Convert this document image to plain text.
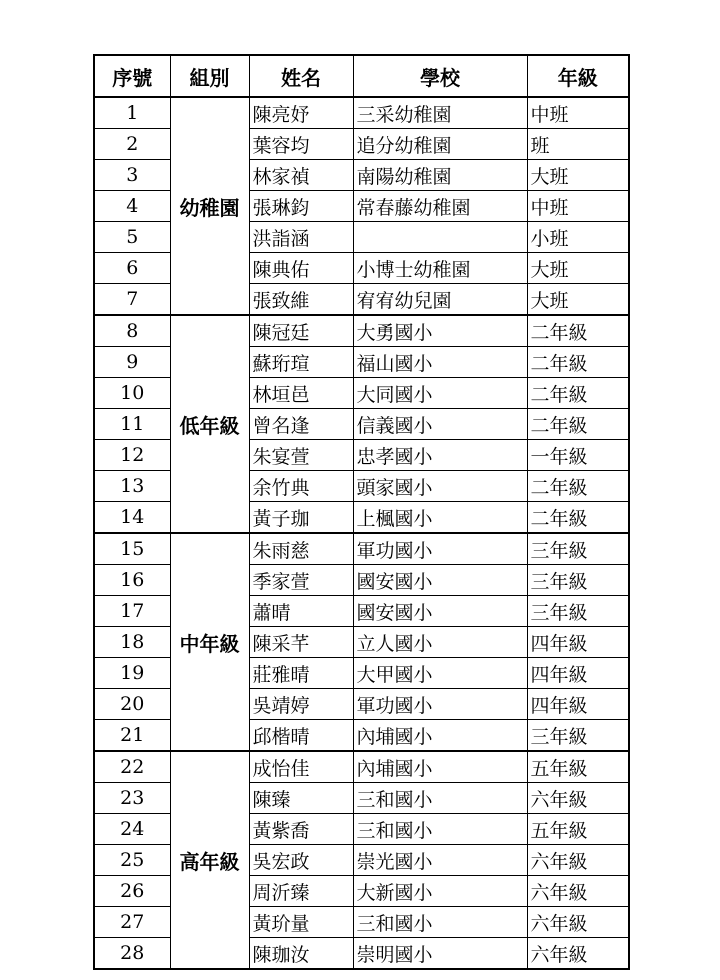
序號	組別	姓名	學校	年級
1	幼稚園	陳亮妤	三采幼稚園	中班
2		葉容均	追分幼稚園	班
3		林家禎	南陽幼稚園	大班
4		張琳鈞	常春藤幼稚園	中班
5		洪詣涵		小班
6		陳典佑	小博士幼稚園	大班
7		張致維	宥宥幼兒園	大班
8	低年級	陳冠廷	大勇國小	二年級
9		蘇珩瑄	福山國小	二年級
10		林垣邑	大同國小	二年級
11		曾名逢	信義國小	二年級
12		朱宴萱	忠孝國小	一年級
13		余竹典	頭家國小	二年級
14		黃子珈	上楓國小	二年級
15	中年級	朱雨慈	軍功國小	三年級
16		季家萱	國安國小	三年級
17		蕭晴	國安國小	三年級
18		陳采芊	立人國小	四年級
19		莊雅晴	大甲國小	四年級
20		吳靖婷	軍功國小	四年級
21		邱楷晴	內埔國小	三年級
22	高年級	成怡佳	內埔國小	五年級
23		陳臻	三和國小	六年級
24		黃紫喬	三和國小	五年級
25		吳宏政	崇光國小	六年級
26		周沂臻	大新國小	六年級
27		黃玠量	三和國小	六年級
28		陳珈汝	崇明國小	六年級
